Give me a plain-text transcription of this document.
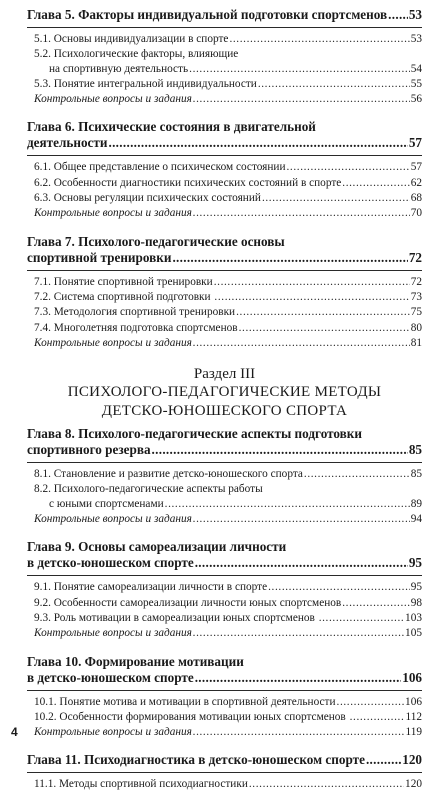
Глава 5. Факторы индивидуальной подготовки спортсменов ..... 53
5.1. Основы индивидуализации в спорте .....	53
5.2. Психологические факторы, влияющие
на спортивную деятельность .....	54
5.3. Понятие интегральной индивидуальности .....	55
Контрольные вопросы и задания .....	56
Глава 6. Психические состояния в двигательной
деятельности .....	57
6.1. Общее представление о психическом состоянии .....	57
6.2. Особенности диагностики психических состояний в спорте .....	62
6.3. Основы регуляции психических состояний .....	68
Контрольные вопросы и задания .....	70
Глава 7. Психолого-педагогические основы
спортивной тренировки .....	72
7.1. Понятие спортивной тренировки .....	72
7.2. Система спортивной подготовки .....	73
7.3. Методология спортивной тренировки .....	75
7.4. Многолетняя подготовка спортсменов .....	80
Контрольные вопросы и задания .....	81
Раздел III
ПСИХОЛОГО-ПЕДАГОГИЧЕСКИЕ МЕТОДЫ
ДЕТСКО-ЮНОШЕСКОГО СПОРТА
Глава 8. Психолого-педагогические аспекты подготовки
спортивного резерва .....	85
8.1. Становление и развитие детско-юношеского спорта .....	85
8.2. Психолого-педагогические аспекты работы
с юными спортсменами .....	89
Контрольные вопросы и задания .....	94
Глава 9. Основы самореализации личности
в детско-юношеском спорте .....	95
9.1. Понятие самореализации личности в спорте .....	95
9.2. Особенности самореализации личности юных спортсменов .....	98
9.3. Роль мотивации в самореализации юных спортсменов .....	103
Контрольные вопросы и задания .....	105
Глава 10. Формирование мотивации
в детско-юношеском спорте .....	106
10.1. Понятие мотива и мотивации в спортивной деятельности .....	106
10.2. Особенности формирования мотивации юных спортсменов .....	112
Контрольные вопросы и задания .....	119
Глава 11. Психодиагностика в детско-юношеском спорте .....	120
11.1. Методы спортивной психодиагностики .....	120
4
